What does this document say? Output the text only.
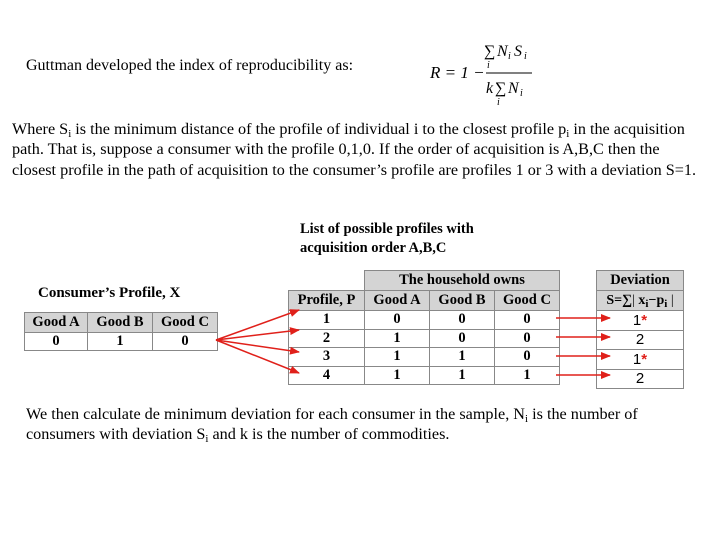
Guttman developed the index of reproducibility as:	R = 1 −
∑ N i S i
i
k ∑ N i
i
Where $S_i$ is the minimum distance of the profile of individual i to the closest profile $p_i$ in the acquisition path. That is, suppose a consumer with the profile 0,1,0. If the order of acquisition is A,B,C then the closest profile in the path of acquisition to the consumer’s profile are profiles 1 or 3 with a deviation S=1.
List of possible profiles with
acquisition order A,B,C
Consumer’s Profile, X
Good A	Good B	Good C
0	1	0
	The household owns		
Profile, P	Good A	Good B	Good C
1	0	0	0
2	1	0	0
3	1	1	0
4	1	1	1
Deviation
S=∑| $x_i-p_i$ |
1*
2
1*
2
We then calculate de minimum deviation for each consumer in the sample, $N_i$ is the number of consumers with deviation $S_i$ and k is the number of commodities.
